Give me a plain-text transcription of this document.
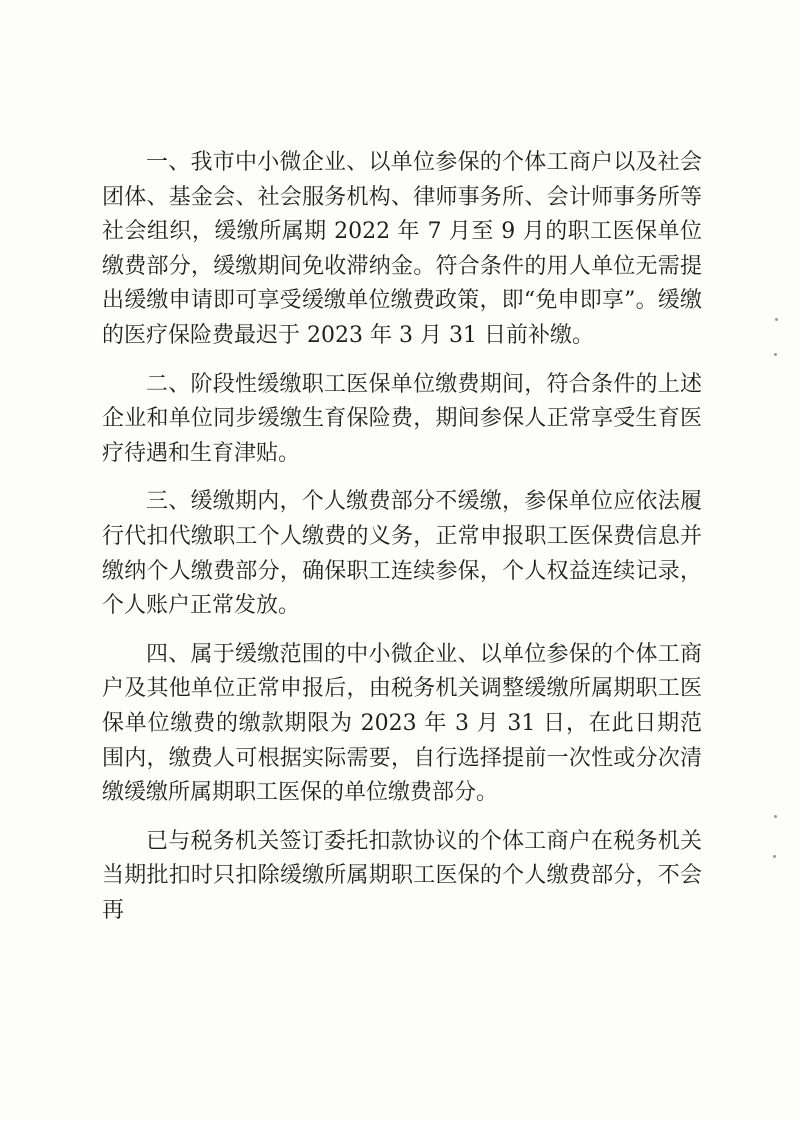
一、我市中小微企业、以单位参保的个体工商户以及社会团体、基金会、社会服务机构、律师事务所、会计师事务所等社会组织，缓缴所属期 2022 年 7 月至 9 月的职工医保单位缴费部分，缓缴期间免收滞纳金。符合条件的用人单位无需提出缓缴申请即可享受缓缴单位缴费政策，即“免申即享”。缓缴的医疗保险费最迟于 2023 年 3 月 31 日前补缴。

二、阶段性缓缴职工医保单位缴费期间，符合条件的上述企业和单位同步缓缴生育保险费，期间参保人正常享受生育医疗待遇和生育津贴。

三、缓缴期内，个人缴费部分不缓缴，参保单位应依法履行代扣代缴职工个人缴费的义务，正常申报职工医保费信息并缴纳个人缴费部分，确保职工连续参保，个人权益连续记录，个人账户正常发放。

四、属于缓缴范围的中小微企业、以单位参保的个体工商户及其他单位正常申报后，由税务机关调整缓缴所属期职工医保单位缴费的缴款期限为 2023 年 3 月 31 日，在此日期范围内，缴费人可根据实际需要，自行选择提前一次性或分次清缴缓缴所属期职工医保的单位缴费部分。

已与税务机关签订委托扣款协议的个体工商户在税务机关当期批扣时只扣除缓缴所属期职工医保的个人缴费部分，不会再
